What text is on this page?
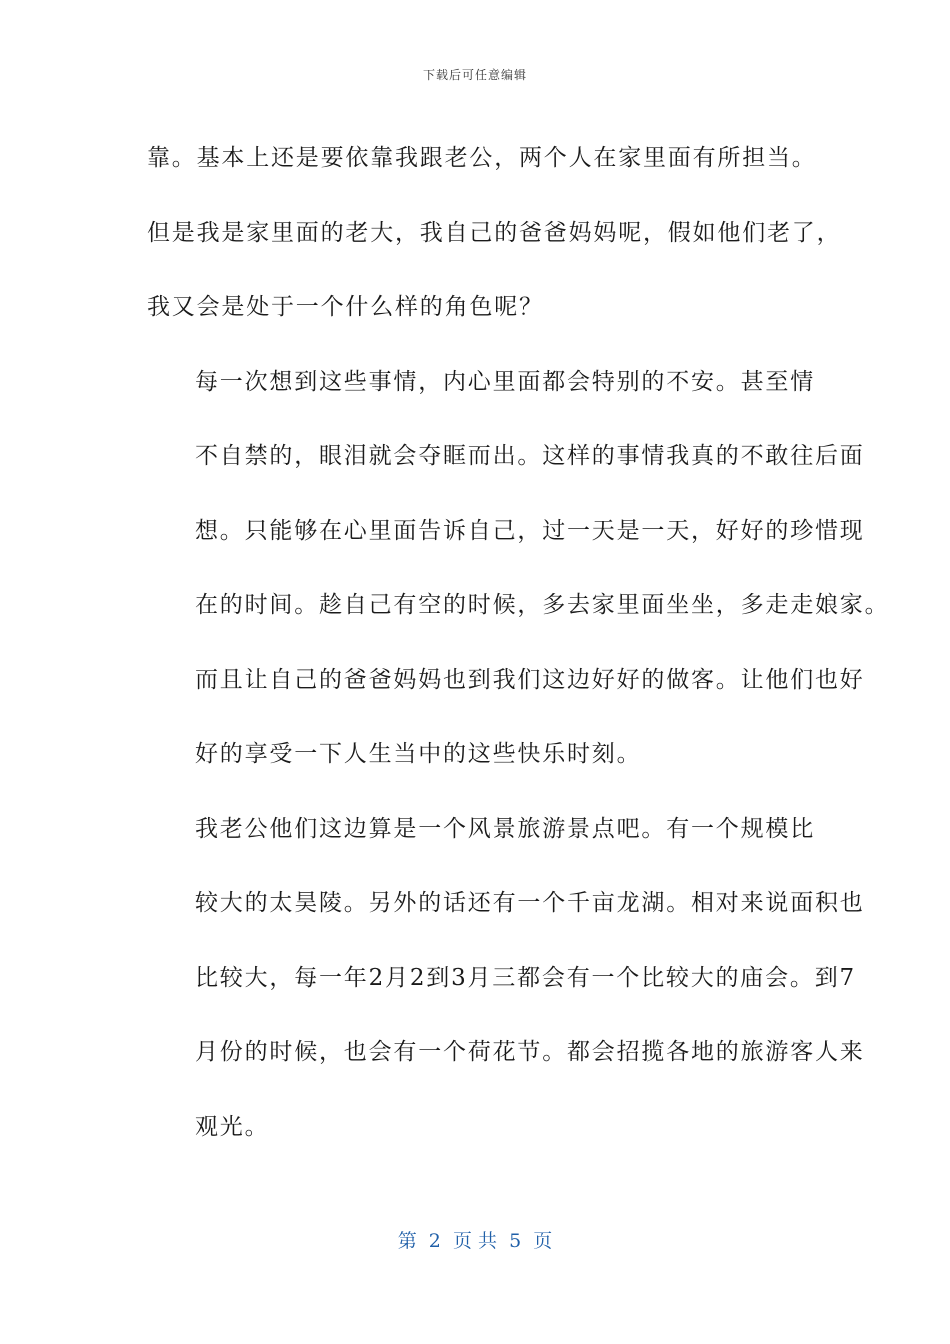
下载后可任意编辑

靠。基本上还是要依靠我跟老公，两个人在家里面有所担当。
但是我是家里面的老大，我自己的爸爸妈妈呢，假如他们老了，
我又会是处于一个什么样的角色呢？

每一次想到这些事情，内心里面都会特别的不安。甚至情
不自禁的，眼泪就会夺眶而出。这样的事情我真的不敢往后面
想。只能够在心里面告诉自己，过一天是一天，好好的珍惜现
在的时间。趁自己有空的时候，多去家里面坐坐，多走走娘家。
而且让自己的爸爸妈妈也到我们这边好好的做客。让他们也好
好的享受一下人生当中的这些快乐时刻。

我老公他们这边算是一个风景旅游景点吧。有一个规模比
较大的太昊陵。另外的话还有一个千亩龙湖。相对来说面积也
比较大，每一年2月2到3月三都会有一个比较大的庙会。到7
月份的时候，也会有一个荷花节。都会招揽各地的旅游客人来
观光。

第  2  页 共  5  页
